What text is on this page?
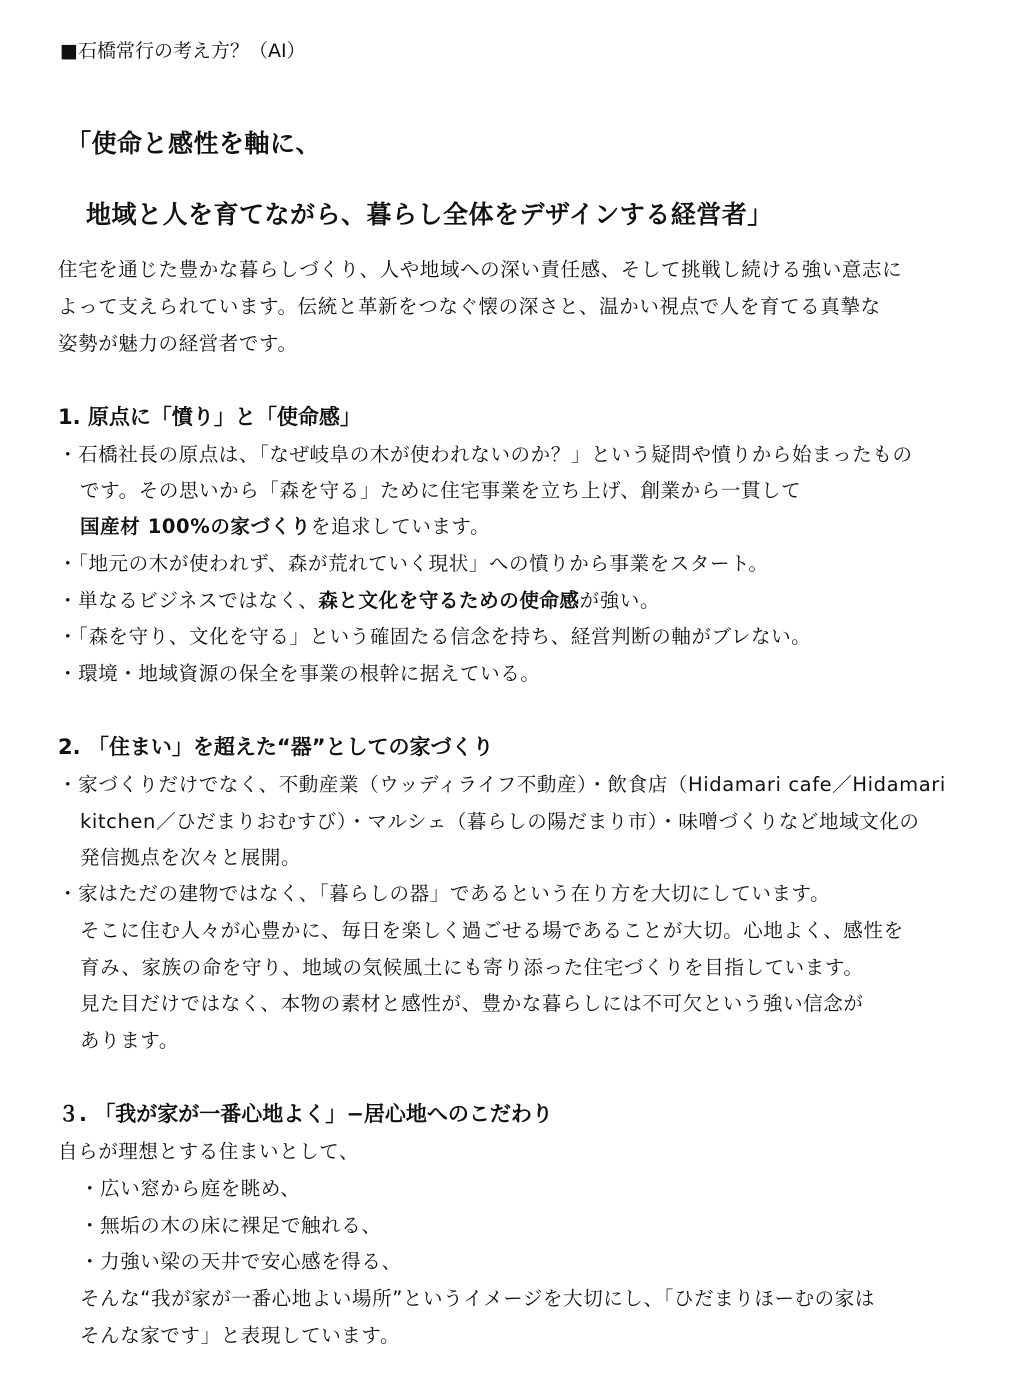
■石橋常行の考え方？（AI）
「使命と感性を軸に、
地域と人を育てながら、暮らし全体をデザインする経営者」
住宅を通じた豊かな暮らしづくり、人や地域への深い責任感、そして挑戦し続ける強い意志に
よって支えられています。伝統と革新をつなぐ懐の深さと、温かい視点で人を育てる真摯な
姿勢が魅力の経営者です。
1. 原点に「憤り」と「使命感」
・石橋社長の原点は、「なぜ岐阜の木が使われないのか？」という疑問や憤りから始まったもの
です。その思いから「森を守る」ために住宅事業を立ち上げ、創業から一貫して
国産材 100%の家づくりを追求しています。
・「地元の木が使われず、森が荒れていく現状」への憤りから事業をスタート。
・単なるビジネスではなく、森と文化を守るための使命感が強い。
・「森を守り、文化を守る」という確固たる信念を持ち、経営判断の軸がブレない。
・環境・地域資源の保全を事業の根幹に据えている。
2. 「住まい」を超えた“器”としての家づくり
・家づくりだけでなく、不動産業（ウッディライフ不動産）・飲食店（Hidamari cafe／Hidamari
kitchen／ひだまりおむすび）・マルシェ（暮らしの陽だまり市）・味噌づくりなど地域文化の
発信拠点を次々と展開。
・家はただの建物ではなく、「暮らしの器」であるという在り方を大切にしています。
そこに住む人々が心豊かに、毎日を楽しく過ごせる場であることが大切。心地よく、感性を
育み、家族の命を守り、地域の気候風土にも寄り添った住宅づくりを目指しています。
見た目だけではなく、本物の素材と感性が、豊かな暮らしには不可欠という強い信念が
あります。
３. 「我が家が一番心地よく」−居心地へのこだわり
自らが理想とする住まいとして、
・広い窓から庭を眺め、
・無垢の木の床に裸足で触れる、
・力強い梁の天井で安心感を得る、
そんな“我が家が一番心地よい場所”というイメージを大切にし、「ひだまりほーむの家は
そんな家です」と表現しています。
